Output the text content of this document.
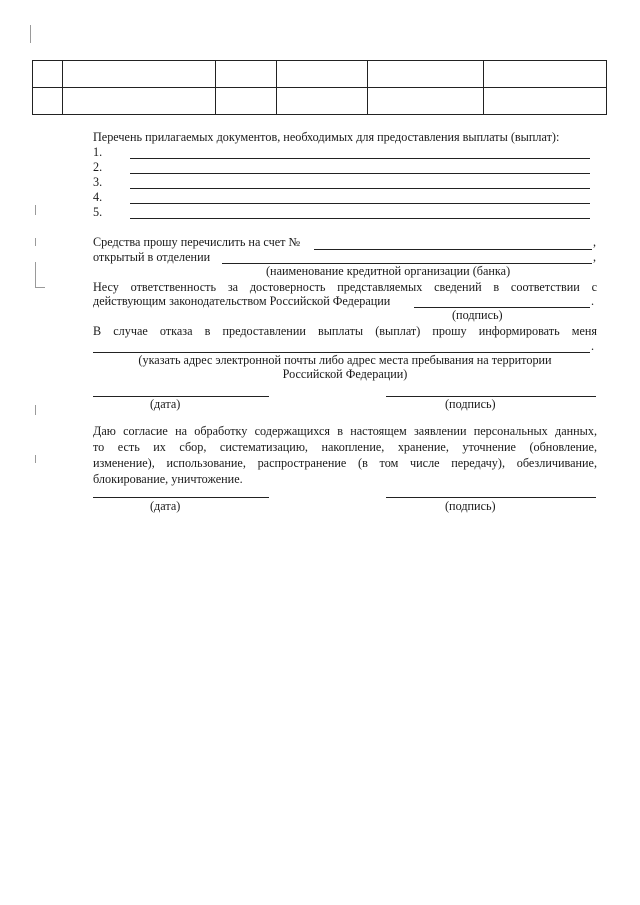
Перечень прилагаемых документов, необходимых для предоставления выплаты (выплат):
1.
2.
3.
4.
5.
Средства прошу перечислить на счет №	,
открытый в отделении	,
(наименование кредитной организации (банка)
Несу ответственность за достоверность представляемых сведений в соответствии с
действующим законодательством Российской Федерации	.
(подпись)
В случае отказа в предоставлении выплаты (выплат) прошу информировать меня
.
(указать адрес электронной почты либо адрес места пребывания на территории
Российской Федерации)
(дата)	(подпись)
Даю согласие на обработку содержащихся в настоящем заявлении персональных данных,
то есть их сбор, систематизацию, накопление, хранение, уточнение (обновление,
изменение), использование, распространение (в том числе передачу), обезличивание,
блокирование, уничтожение.
(дата)	(подпись)
